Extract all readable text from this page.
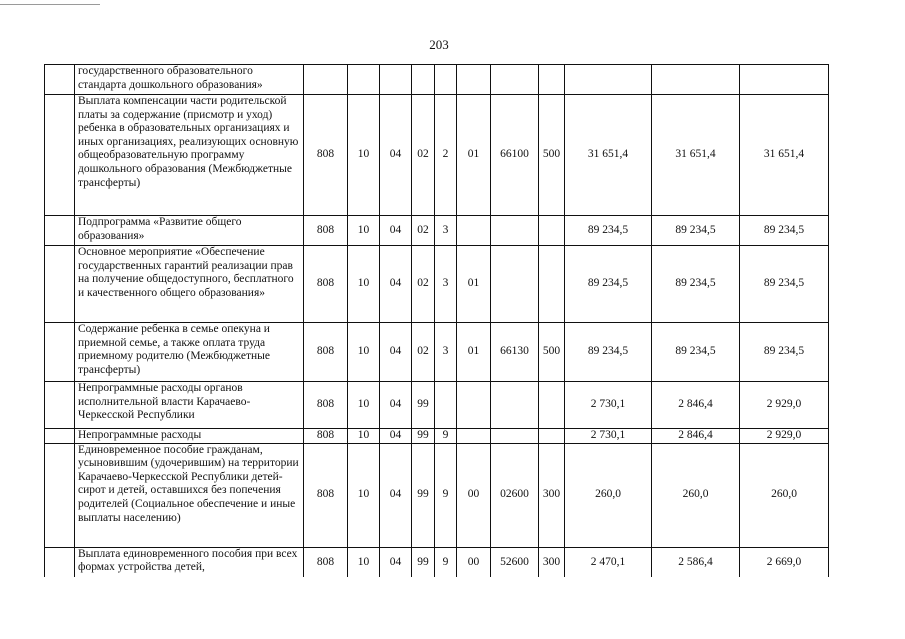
203
	государственного образовательного стандарта дошкольного образования»											
	Выплата компенсации части родительской платы за содержание (присмотр и уход) ребенка в образовательных организациях и иных организациях, реализующих основную общеобразовательную программу дошкольного образования (Межбюджетные трансферты)	808	10	04	02	2	01	66100	500	31 651,4	31 651,4	31 651,4
	Подпрограмма «Развитие общего образования»	808	10	04	02	3				89 234,5	89 234,5	89 234,5
	Основное мероприятие «Обеспечение государственных гарантий реализации прав на получение общедоступного, бесплатного и качественного общего образования»	808	10	04	02	3	01			89 234,5	89 234,5	89 234,5
	Содержание ребенка в семье опекуна и приемной семье, а также оплата труда приемному родителю (Межбюджетные трансферты)	808	10	04	02	3	01	66130	500	89 234,5	89 234,5	89 234,5
	Непрограммные расходы органов исполнительной власти Карачаево-Черкесской Республики	808	10	04	99					2 730,1	2 846,4	2 929,0
	Непрограммные расходы	808	10	04	99	9				2 730,1	2 846,4	2 929,0
	Единовременное пособие гражданам, усыновившим (удочерившим) на территории Карачаево-Черкесской Республики детей-сирот и детей, оставшихся без попечения родителей (Социальное обеспечение и иные выплаты населению)	808	10	04	99	9	00	02600	300	260,0	260,0	260,0
	Выплата единовременного пособия при всех формах устройства детей,	808	10	04	99	9	00	52600	300	2 470,1	2 586,4	2 669,0
